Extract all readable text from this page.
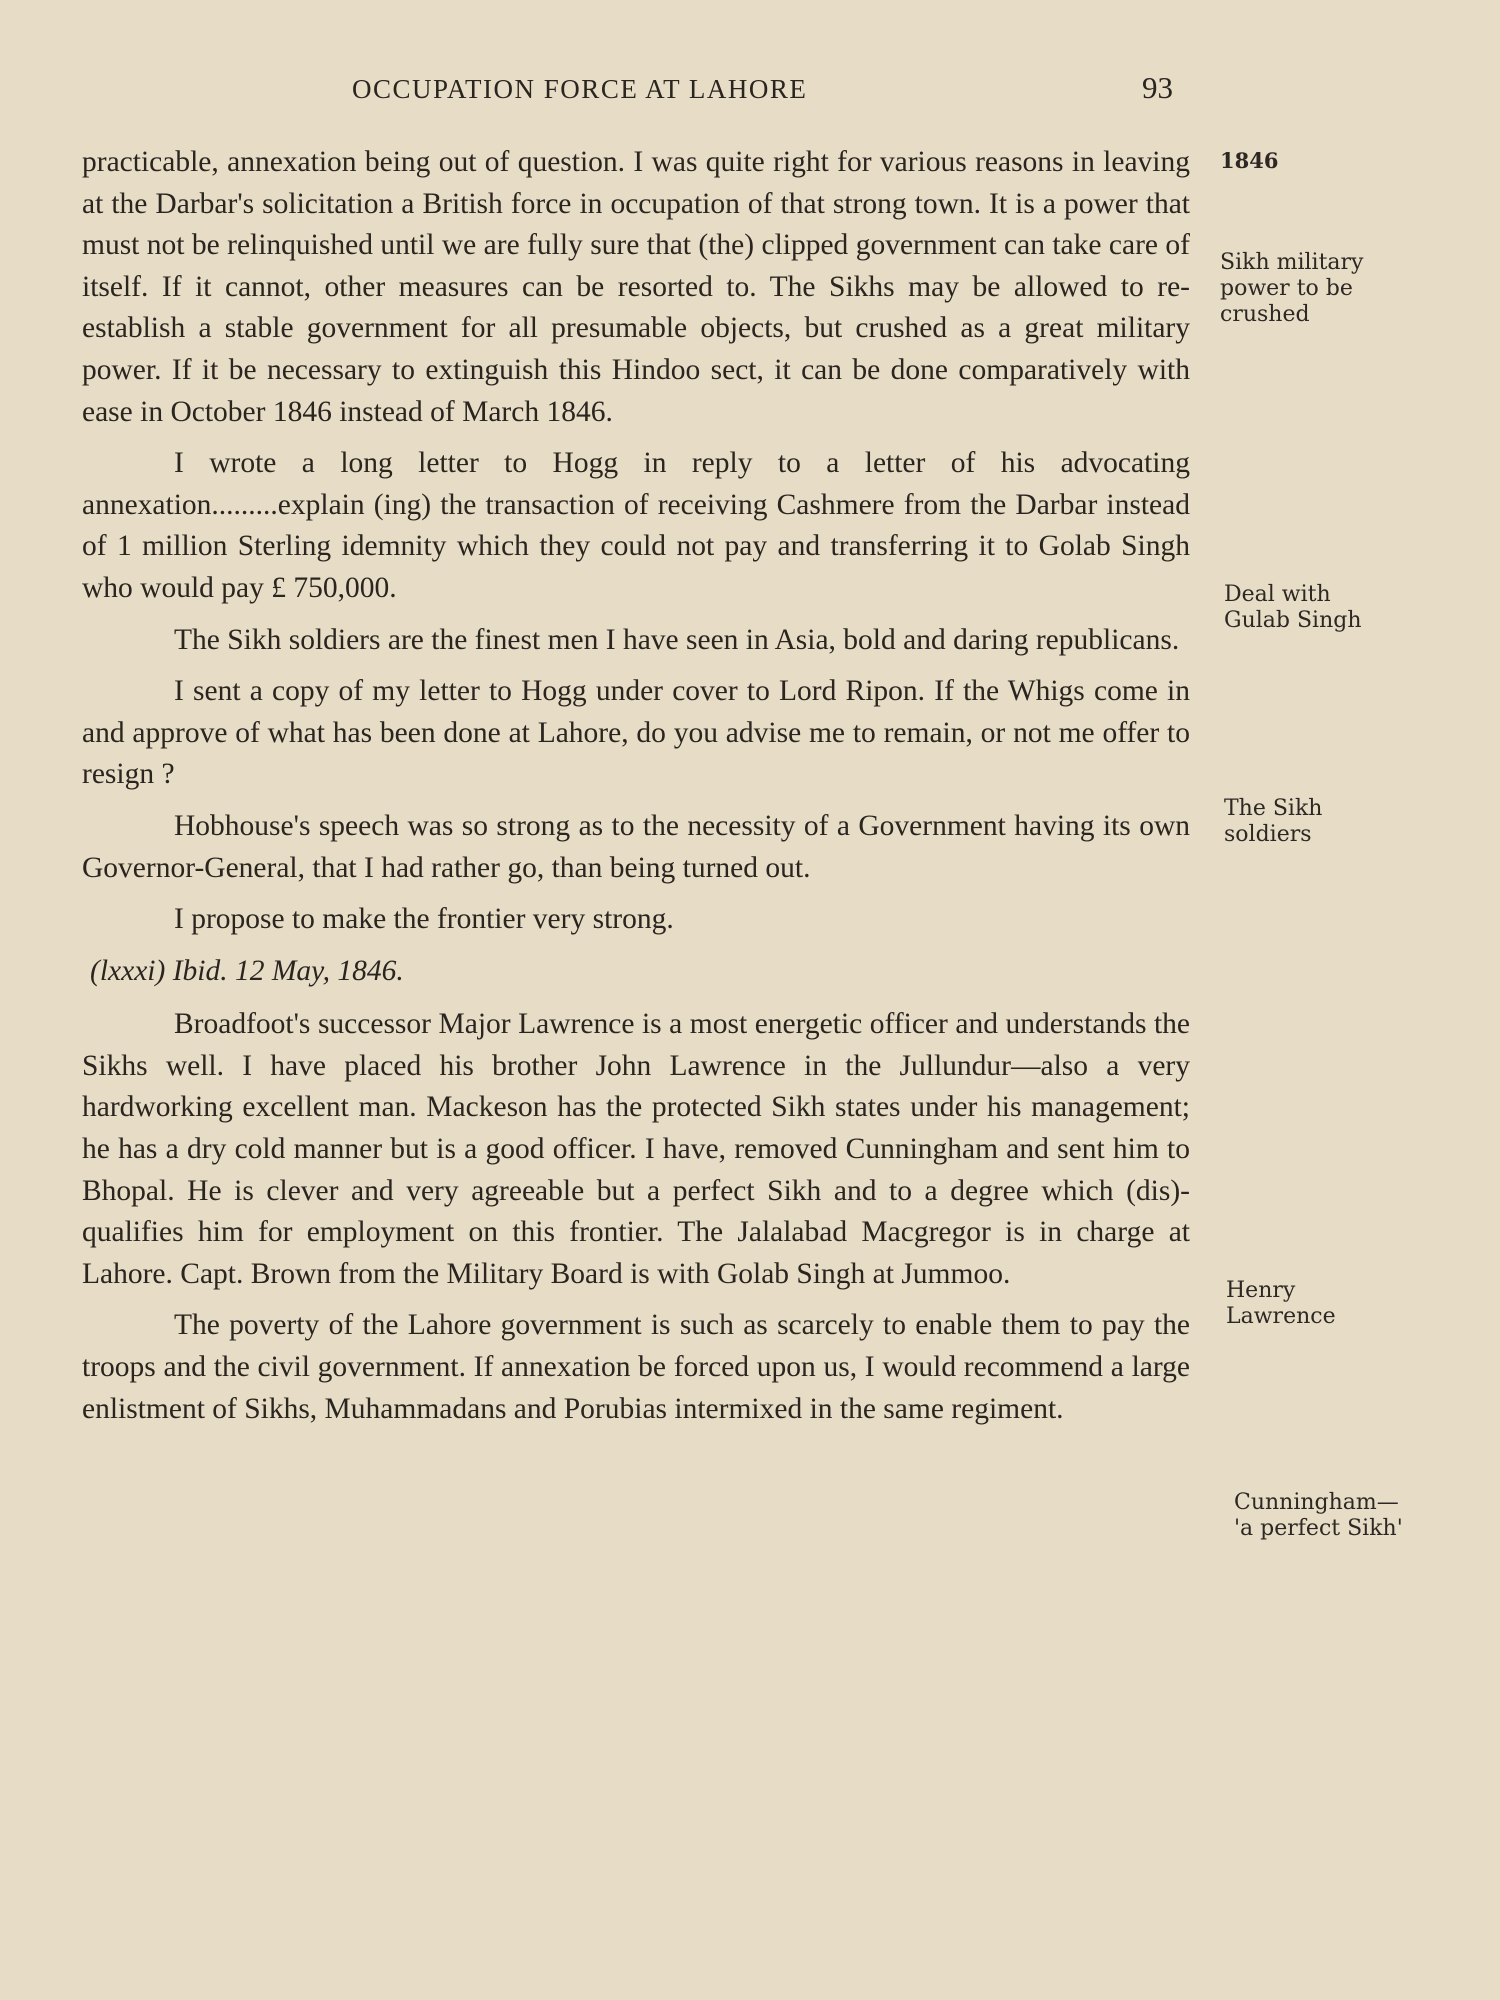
OCCUPATION FORCE AT LAHORE	93

practicable, annexation being out of question. I was quite right for various reasons in leaving at the Darbar's solicitation a British force in occupation of that strong town. It is a power that must not be relinquished until we are fully sure that (the) clipped government can take care of itself. If it cannot, other measures can be resorted to. The Sikhs may be allowed to re-establish a stable government for all presumable objects, but crushed as a great military power. If it be necessary to extinguish this Hindoo sect, it can be done comparatively with ease in October 1846 instead of March 1846.

I wrote a long letter to Hogg in reply to a letter of his advocating annexation.........explain (ing) the transaction of receiving Cashmere from the Darbar instead of 1 million Sterling idemnity which they could not pay and transferring it to Golab Singh who would pay £ 750,000.

The Sikh soldiers are the finest men I have seen in Asia, bold and daring republicans.

I sent a copy of my letter to Hogg under cover to Lord Ripon. If the Whigs come in and approve of what has been done at Lahore, do you advise me to remain, or not me offer to resign ?

Hobhouse's speech was so strong as to the necessity of a Government having its own Governor-General, that I had rather go, than being turned out.

I propose to make the frontier very strong.

(lxxxi) Ibid. 12 May, 1846.

Broadfoot's successor Major Lawrence is a most energetic officer and understands the Sikhs well. I have placed his brother John Lawrence in the Jullundur—also a very hardworking excellent man. Mackeson has the protected Sikh states under his management; he has a dry cold manner but is a good officer. I have, removed Cunningham and sent him to Bhopal. He is clever and very agreeable but a perfect Sikh and to a degree which (dis)-qualifies him for employment on this frontier. The Jalalabad Macgregor is in charge at Lahore. Capt. Brown from the Military Board is with Golab Singh at Jummoo.

The poverty of the Lahore government is such as scarcely to enable them to pay the troops and the civil government. If annexation be forced upon us, I would recommend a large enlistment of Sikhs, Muhammadans and Porubias intermixed in the same regiment.

1846
Sikh military
power to be
crushed
Deal with
Gulab Singh
The Sikh
soldiers
Henry
Lawrence
Cunningham—
'a perfect Sikh'
